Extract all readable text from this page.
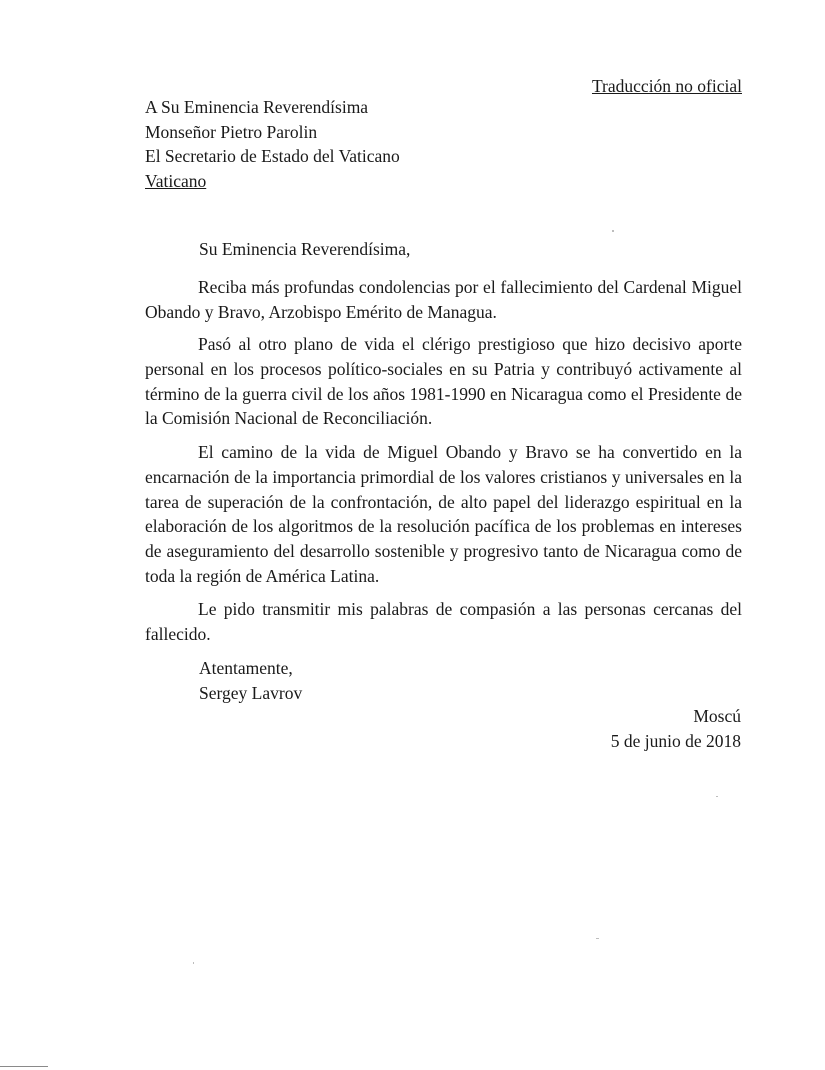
Traducción no oficial

A Su Eminencia Reverendísima
Monseñor Pietro Parolin
El Secretario de Estado del Vaticano
Vaticano

Su Eminencia Reverendísima,

Reciba más profundas condolencias por el fallecimiento del Cardenal Miguel Obando y Bravo, Arzobispo Emérito de Managua.

Pasó al otro plano de vida el clérigo prestigioso que hizo decisivo aporte personal en los procesos político-sociales en su Patria y contribuyó activamente al término de la guerra civil de los años 1981-1990 en Nicaragua como el Presidente de la Comisión Nacional de Reconciliación.

El camino de la vida de Miguel Obando y Bravo se ha convertido en la encarnación de la importancia primordial de los valores cristianos y universales en la tarea de superación de la confrontación, de alto papel del liderazgo espiritual en la elaboración de los algoritmos de la resolución pacífica de los problemas en intereses de aseguramiento del desarrollo sostenible y progresivo tanto de Nicaragua como de toda la región de América Latina.

Le pido transmitir mis palabras de compasión a las personas cercanas del fallecido.

Atentamente,
Sergey Lavrov
Moscú
5 de junio de 2018
